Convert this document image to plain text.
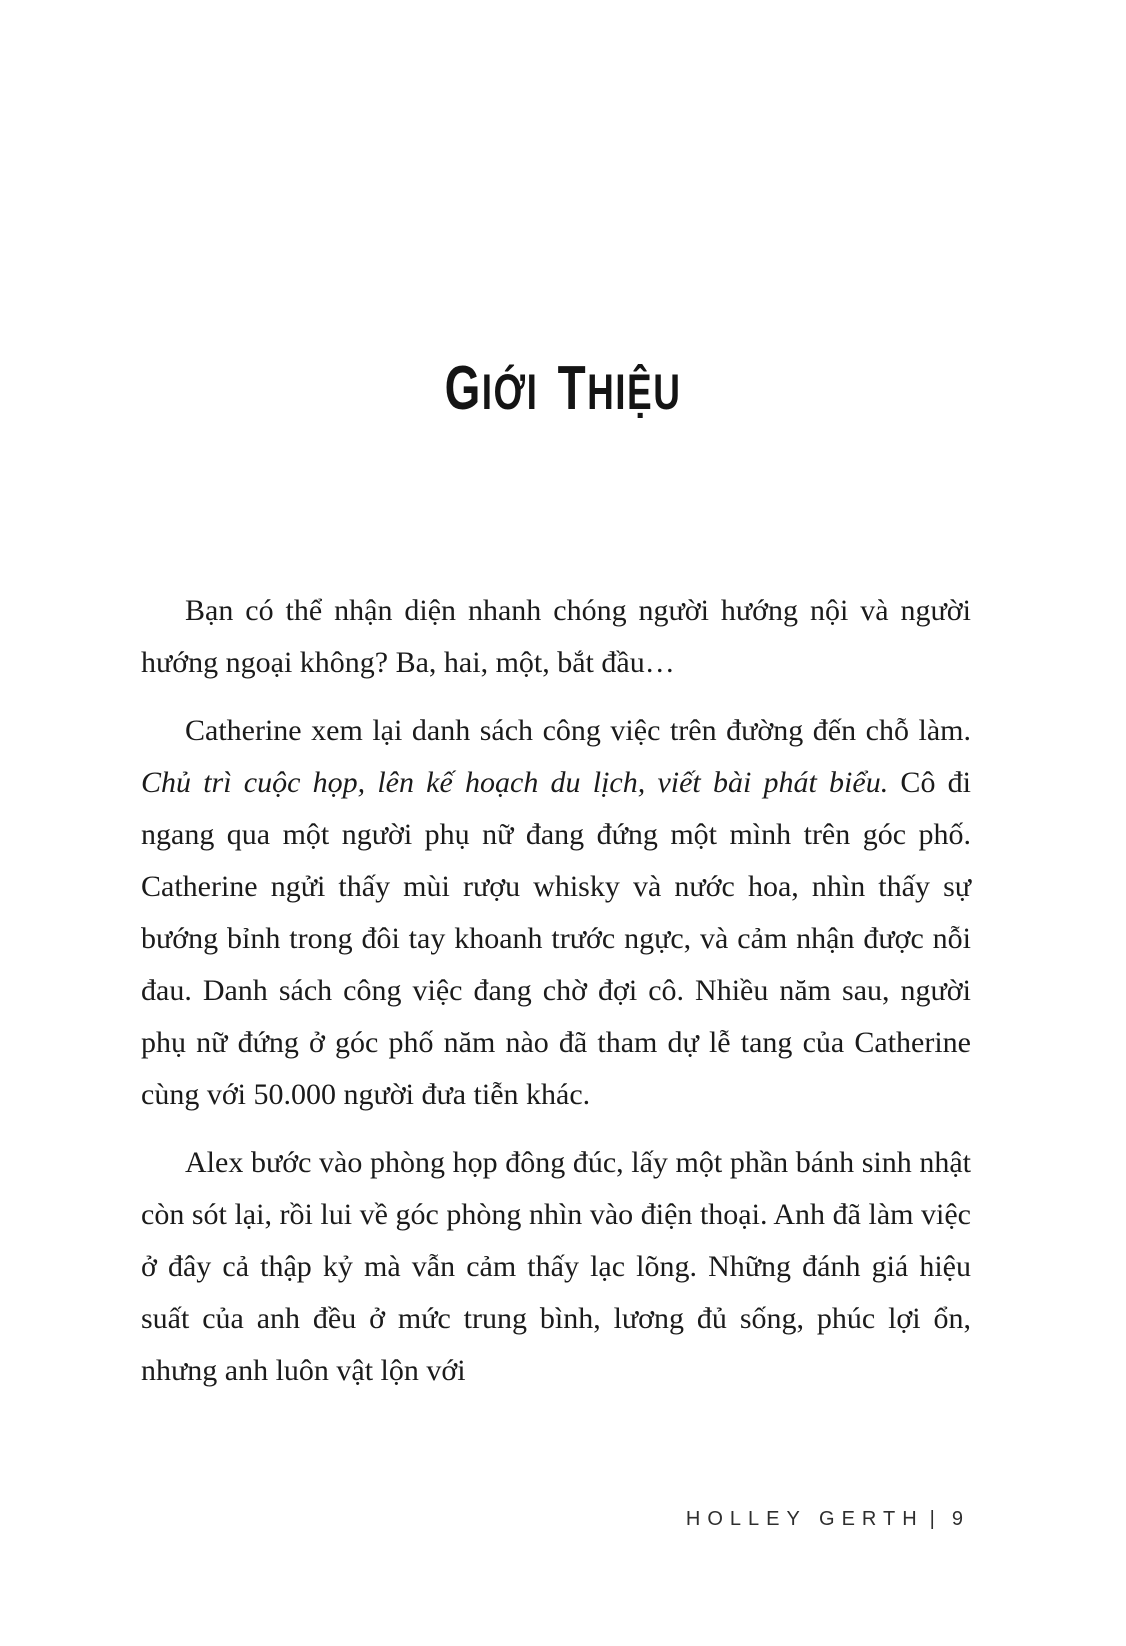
GIỚI THIỆU

Bạn có thể nhận diện nhanh chóng người hướng nội và người hướng ngoại không? Ba, hai, một, bắt đầu…

Catherine xem lại danh sách công việc trên đường đến chỗ làm. Chủ trì cuộc họp, lên kế hoạch du lịch, viết bài phát biểu. Cô đi ngang qua một người phụ nữ đang đứng một mình trên góc phố. Catherine ngửi thấy mùi rượu whisky và nước hoa, nhìn thấy sự bướng bỉnh trong đôi tay khoanh trước ngực, và cảm nhận được nỗi đau. Danh sách công việc đang chờ đợi cô. Nhiều năm sau, người phụ nữ đứng ở góc phố năm nào đã tham dự lễ tang của Catherine cùng với 50.000 người đưa tiễn khác.

Alex bước vào phòng họp đông đúc, lấy một phần bánh sinh nhật còn sót lại, rồi lui về góc phòng nhìn vào điện thoại. Anh đã làm việc ở đây cả thập kỷ mà vẫn cảm thấy lạc lõng. Những đánh giá hiệu suất của anh đều ở mức trung bình, lương đủ sống, phúc lợi ổn, nhưng anh luôn vật lộn với

HOLLEY GERTH | 9
